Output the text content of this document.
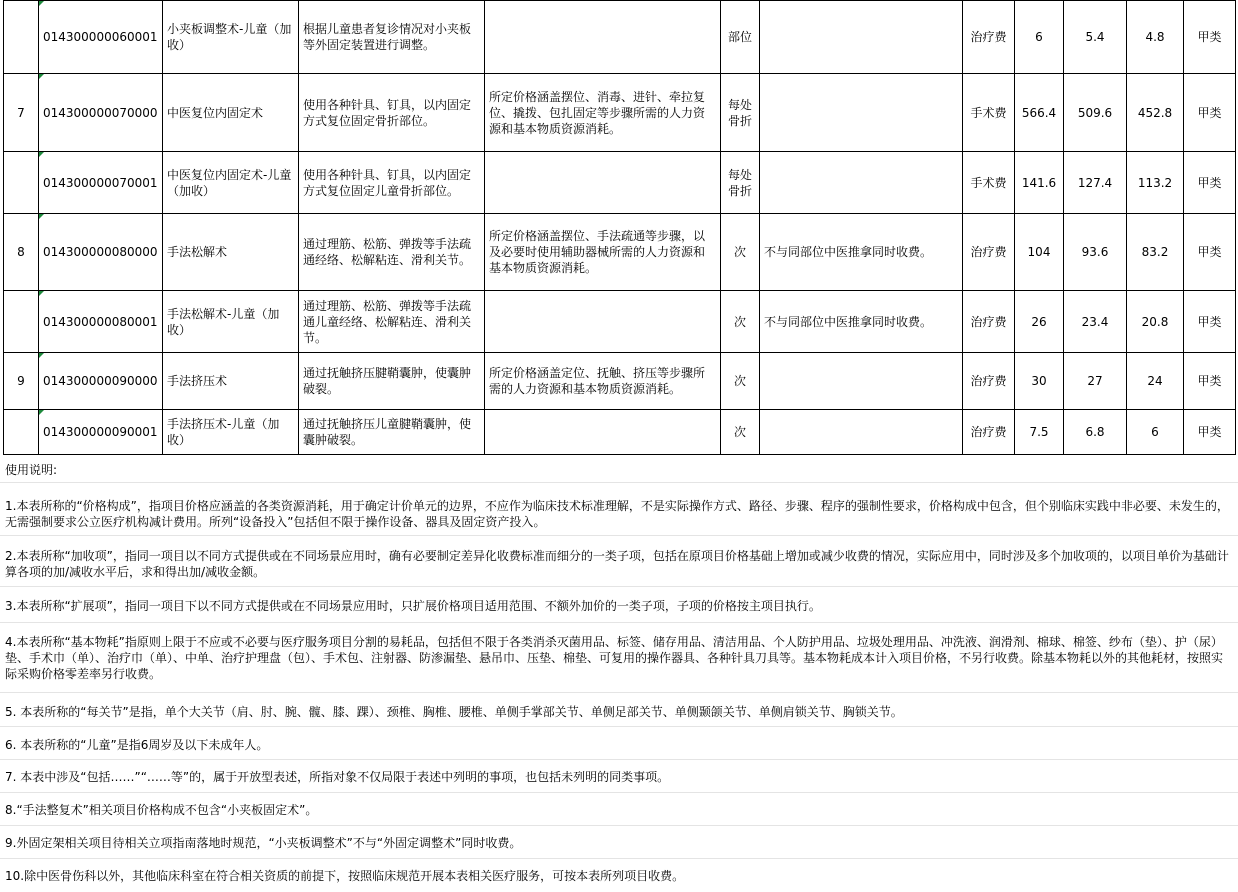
014300000060001	小夹板调整术-儿童（加收）	根据儿童患者复诊情况对小夹板等外固定装置进行调整。		部位		治疗费	6	5.4	4.8	甲类
7	014300000070000	中医复位内固定术	使用各种针具、钉具，以内固定方式复位固定骨折部位。	所定价格涵盖摆位、消毒、进针、牵拉复位、撬拨、包扎固定等步骤所需的人力资源和基本物质资源消耗。	每处骨折		手术费	566.4	509.6	452.8	甲类

014300000070001	中医复位内固定术-儿童（加收）	使用各种针具、钉具，以内固定方式复位固定儿童骨折部位。		每处骨折		手术费	141.6	127.4	113.2	甲类
8	014300000080000	手法松解术	通过理筋、松筋、弹拨等手法疏通经络、松解粘连、滑利关节。	所定价格涵盖摆位、手法疏通等步骤，以及必要时使用辅助器械所需的人力资源和基本物质资源消耗。	次	不与同部位中医推拿同时收费。	治疗费	104	93.6	83.2	甲类

014300000080001	手法松解术-儿童（加收）	通过理筋、松筋、弹拨等手法疏通儿童经络、松解粘连、滑利关节。		次	不与同部位中医推拿同时收费。	治疗费	26	23.4	20.8	甲类
9	014300000090000	手法挤压术	通过抚触挤压腱鞘囊肿，使囊肿破裂。	所定价格涵盖定位、抚触、挤压等步骤所需的人力资源和基本物质资源消耗。	次		治疗费	30	27	24	甲类

014300000090001	手法挤压术-儿童（加收）	通过抚触挤压儿童腱鞘囊肿，使囊肿破裂。		次		治疗费	7.5	6.8	6	甲类
使用说明:
1.本表所称的“价格构成”，指项目价格应涵盖的各类资源消耗，用于确定计价单元的边界，不应作为临床技术标准理解，不是实际操作方式、路径、步骤、程序的强制性要求，价格构成中包含，但个别临床实践中非必要、未发生的，无需强制要求公立医疗机构减计费用。所列“设备投入”包括但不限于操作设备、器具及固定资产投入。
2.本表所称“加收项”，指同一项目以不同方式提供或在不同场景应用时，确有必要制定差异化收费标准而细分的一类子项，包括在原项目价格基础上增加或减少收费的情况，实际应用中，同时涉及多个加收项的，以项目单价为基础计算各项的加/减收水平后，求和得出加/减收金额。
3.本表所称“扩展项”，指同一项目下以不同方式提供或在不同场景应用时，只扩展价格项目适用范围、不额外加价的一类子项，子项的价格按主项目执行。
4.本表所称“基本物耗”指原则上限于不应或不必要与医疗服务项目分割的易耗品，包括但不限于各类消杀灭菌用品、标签、储存用品、清洁用品、个人防护用品、垃圾处理用品、冲洗液、润滑剂、棉球、棉签、纱布（垫）、护（尿）垫、手术巾（单）、治疗巾（单）、中单、治疗护理盘（包）、手术包、注射器、防渗漏垫、悬吊巾、压垫、棉垫、可复用的操作器具、各种针具刀具等。基本物耗成本计入项目价格，不另行收费。除基本物耗以外的其他耗材，按照实际采购价格零差率另行收费。
5. 本表所称的“每关节”是指，单个大关节（肩、肘、腕、髋、膝、踝）、颈椎、胸椎、腰椎、单侧手掌部关节、单侧足部关节、单侧颞颌关节、单侧肩锁关节、胸锁关节。
6. 本表所称的“儿童”是指6周岁及以下未成年人。
7. 本表中涉及“包括……”“……等”的，属于开放型表述，所指对象不仅局限于表述中列明的事项，也包括未列明的同类事项。
8.“手法整复术”相关项目价格构成不包含“小夹板固定术”。
9.外固定架相关项目待相关立项指南落地时规范，“小夹板调整术”不与“外固定调整术”同时收费。
10.除中医骨伤科以外，其他临床科室在符合相关资质的前提下，按照临床规范开展本表相关医疗服务，可按本表所列项目收费。
